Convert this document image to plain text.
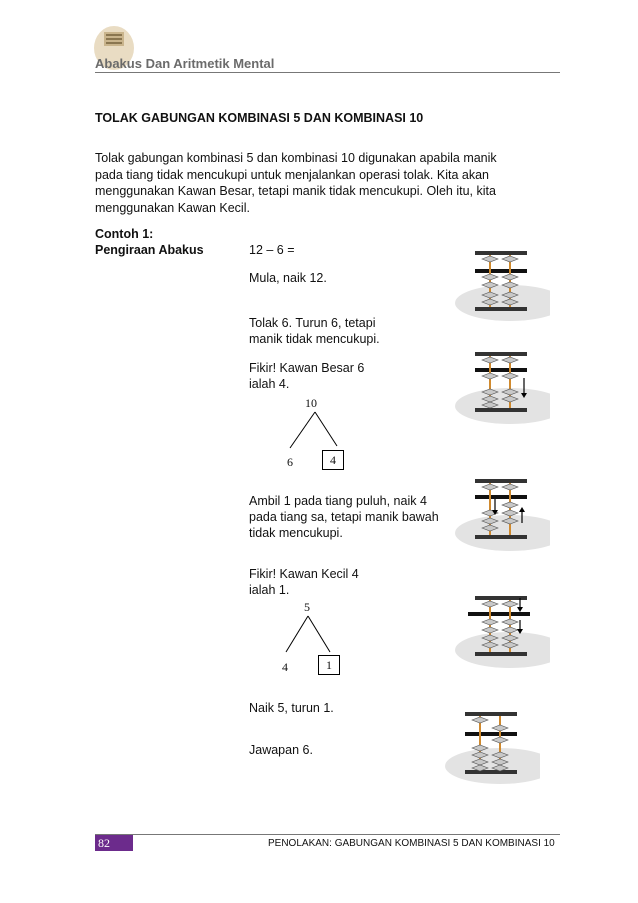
Abakus Dan Aritmetik Mental
TOLAK GABUNGAN KOMBINASI 5 DAN KOMBINASI 10
Tolak gabungan kombinasi 5 dan kombinasi 10 digunakan apabila manik
pada tiang tidak mencukupi untuk menjalankan operasi tolak. Kita akan
menggunakan Kawan Besar, tetapi manik tidak mencukupi. Oleh itu, kita
menggunakan Kawan Kecil.
Contoh 1:
Pengiraan Abakus	12 – 6 =
Mula, naik 12.
Tolak 6. Turun 6, tetapi
manik tidak mencukupi.
Fikir! Kawan Besar 6
ialah 4.
10
6	4
Ambil 1 pada tiang puluh, naik 4
pada tiang sa, tetapi manik bawah
tidak mencukupi.
Fikir! Kawan Kecil 4
ialah 1.
5
4	1
Naik 5, turun 1.
Jawapan 6.
82	PENOLAKAN: GABUNGAN KOMBINASI 5 DAN KOMBINASI 10
